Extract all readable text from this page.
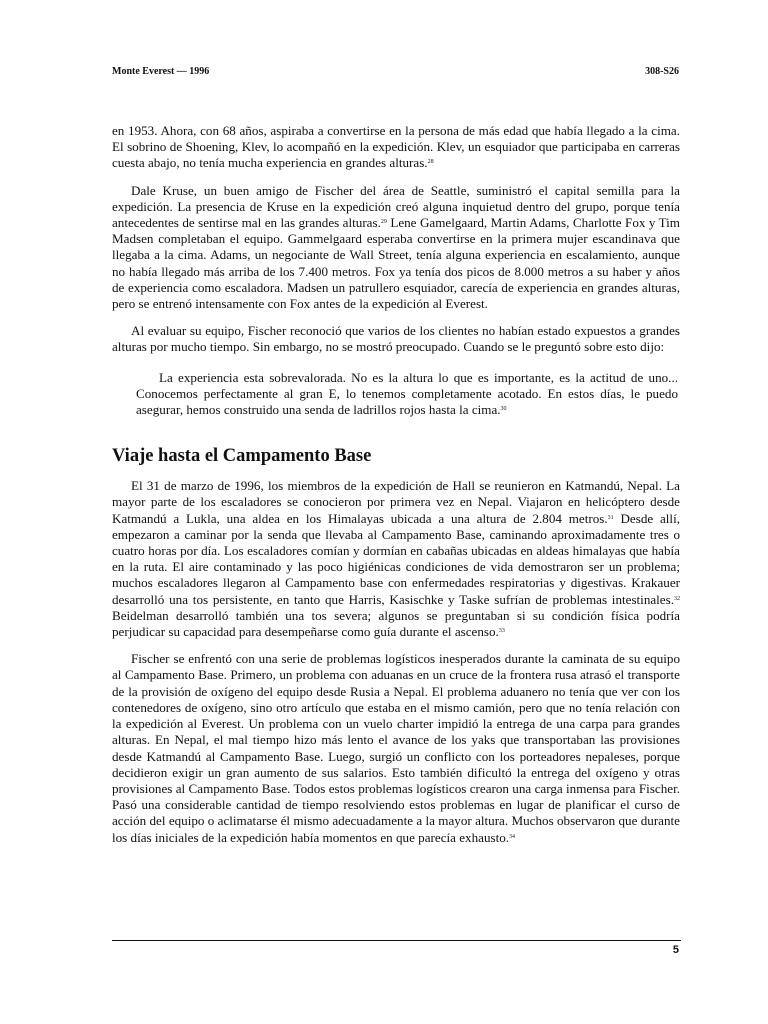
Monte Everest — 1996	308-S26

en 1953. Ahora, con 68 años, aspiraba a convertirse en la persona de más edad que había llegado a la cima. El sobrino de Shoening, Klev, lo acompañó en la expedición. Klev, un esquiador que participaba en carreras cuesta abajo, no tenía mucha experiencia en grandes alturas.$^{28}$

Dale Kruse, un buen amigo de Fischer del área de Seattle, suministró el capital semilla para la expedición. La presencia de Kruse en la expedición creó alguna inquietud dentro del grupo, porque tenía antecedentes de sentirse mal en las grandes alturas.$^{29}$ Lene Gamelgaard, Martin Adams, Charlotte Fox y Tim Madsen completaban el equipo. Gammelgaard esperaba convertirse en la primera mujer escandinava que llegaba a la cima. Adams, un negociante de Wall Street, tenía alguna experiencia en escalamiento, aunque no había llegado más arriba de los 7.400 metros. Fox ya tenía dos picos de 8.000 metros a su haber y años de experiencia como escaladora. Madsen un patrullero esquiador, carecía de experiencia en grandes alturas, pero se entrenó intensamente con Fox antes de la expedición al Everest.

Al evaluar su equipo, Fischer reconoció que varios de los clientes no habían estado expuestos a grandes alturas por mucho tiempo. Sin embargo, no se mostró preocupado. Cuando se le preguntó sobre esto dijo:

La experiencia esta sobrevalorada. No es la altura lo que es importante, es la actitud de uno... Conocemos perfectamente al gran E, lo tenemos completamente acotado. En estos días, le puedo asegurar, hemos construido una senda de ladrillos rojos hasta la cima.$^{30}$

Viaje hasta el Campamento Base

El 31 de marzo de 1996, los miembros de la expedición de Hall se reunieron en Katmandú, Nepal. La mayor parte de los escaladores se conocieron por primera vez en Nepal. Viajaron en helicóptero desde Katmandú a Lukla, una aldea en los Himalayas ubicada a una altura de 2.804 metros.$^{31}$ Desde allí, empezaron a caminar por la senda que llevaba al Campamento Base, caminando aproximadamente tres o cuatro horas por día. Los escaladores comían y dormían en cabañas ubicadas en aldeas himalayas que había en la ruta. El aire contaminado y las poco higiénicas condiciones de vida demostraron ser un problema; muchos escaladores llegaron al Campamento base con enfermedades respiratorias y digestivas. Krakauer desarrolló una tos persistente, en tanto que Harris, Kasischke y Taske sufrían de problemas intestinales.$^{32}$ Beidelman desarrolló también una tos severa; algunos se preguntaban si su condición física podría perjudicar su capacidad para desempeñarse como guía durante el ascenso.$^{33}$

Fischer se enfrentó con una serie de problemas logísticos inesperados durante la caminata de su equipo al Campamento Base. Primero, un problema con aduanas en un cruce de la frontera rusa atrasó el transporte de la provisión de oxígeno del equipo desde Rusia a Nepal. El problema aduanero no tenía que ver con los contenedores de oxígeno, sino otro artículo que estaba en el mismo camión, pero que no tenía relación con la expedición al Everest. Un problema con un vuelo charter impidió la entrega de una carpa para grandes alturas. En Nepal, el mal tiempo hizo más lento el avance de los yaks que transportaban las provisiones desde Katmandú al Campamento Base. Luego, surgió un conflicto con los porteadores nepaleses, porque decidieron exigir un gran aumento de sus salarios. Esto también dificultó la entrega del oxígeno y otras provisiones al Campamento Base. Todos estos problemas logísticos crearon una carga inmensa para Fischer. Pasó una considerable cantidad de tiempo resolviendo estos problemas en lugar de planificar el curso de acción del equipo o aclimatarse él mismo adecuadamente a la mayor altura. Muchos observaron que durante los días iniciales de la expedición había momentos en que parecía exhausto.$^{34}$

5
